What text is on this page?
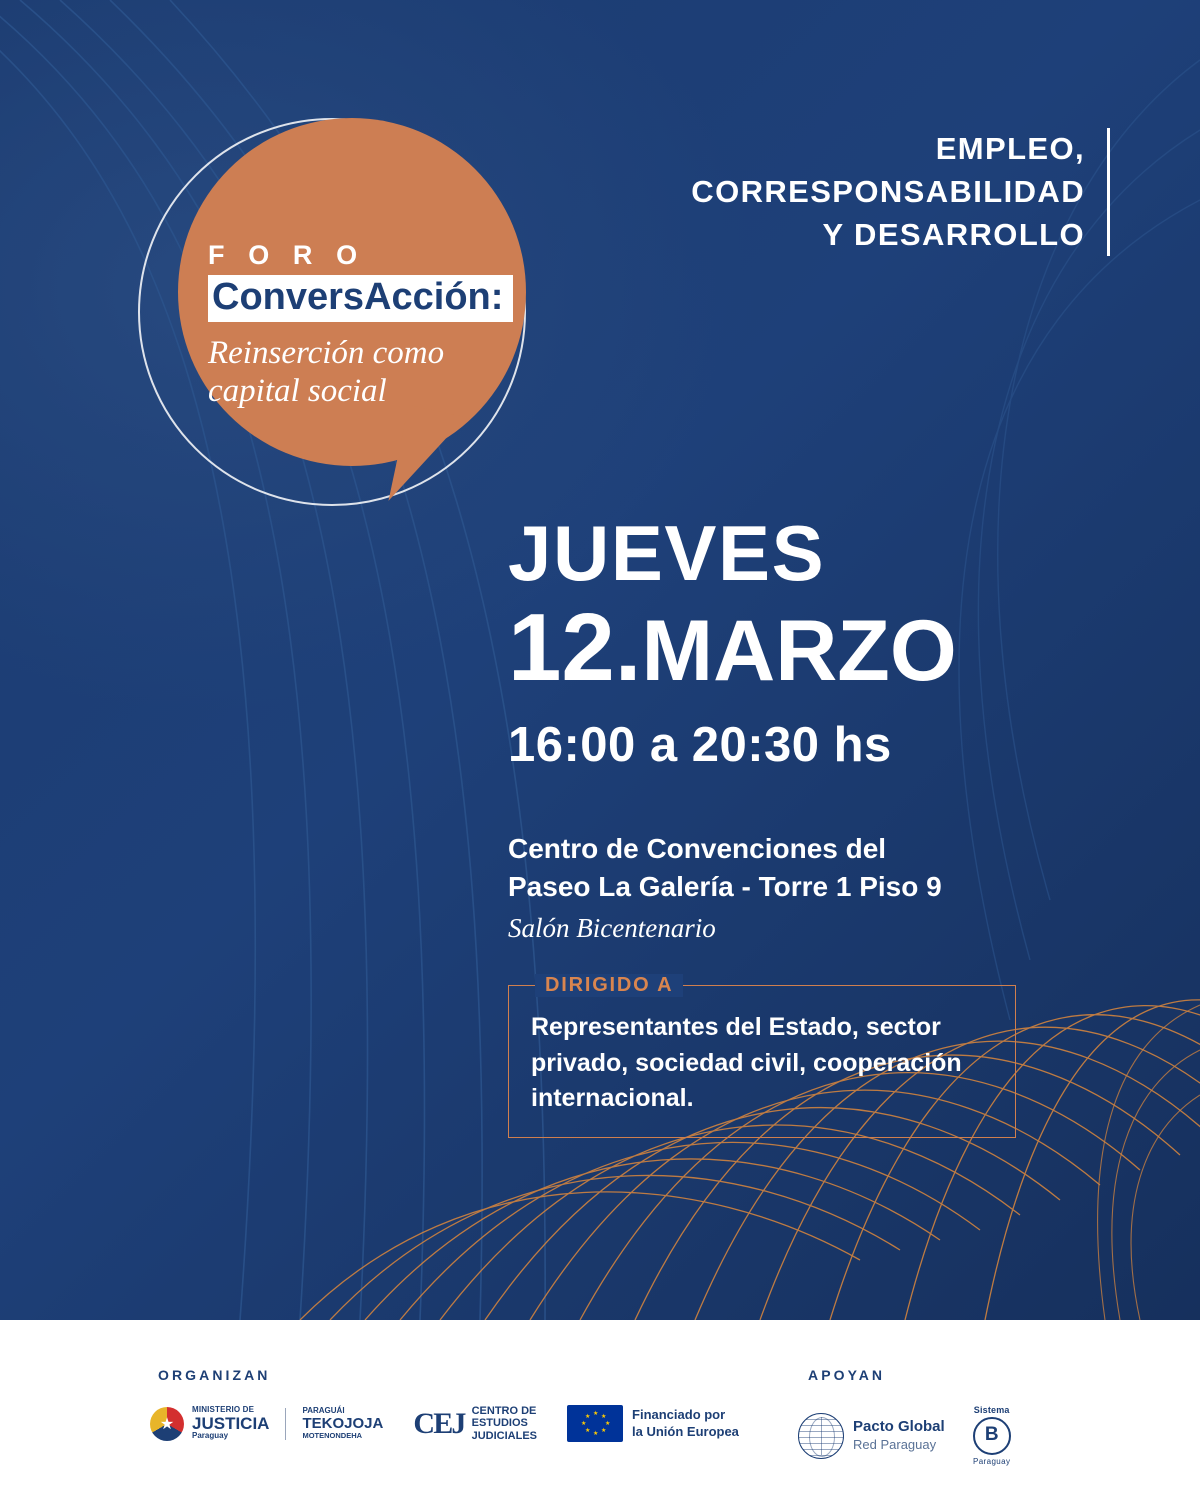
EMPLEO,
CORRESPONSABILIDAD
Y DESARROLLO
F O R O
ConversAcción:
Reinserción como
capital social
JUEVES
12.MARZO
16:00 a 20:30 hs
Centro de Convenciones del
Paseo La Galería - Torre 1 Piso 9
Salón Bicentenario
DIRIGIDO A
Representantes del Estado, sector privado, sociedad civil, cooperación internacional.
ORGANIZAN	APOYAN
★
MINISTERIO DE
JUSTICIA
Paraguay
PARAGUÁI
TEKOJOJA
MOTENONDEHA	CEJ CENTRO DE
ESTUDIOS
JUDICIALES
★ ★
★
★
★
★
★
★	Financiado por
la Unión Europea	Pacto Global
Red Paraguay
Sistema
B
Paraguay
